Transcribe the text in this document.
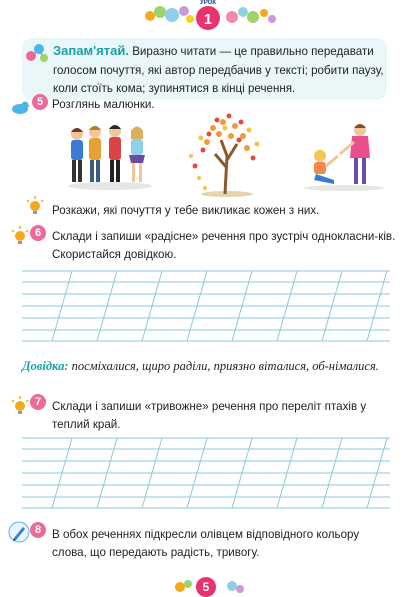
УРОК
1
Запам'ятай. Виразно читати — це правильно передавати голосом почуття, які автор передбачив у тексті; робити паузу, коли стоїть кома; зупинятися в кінці речення.
5 Розглянь малюнки.
Розкажи, які почуття у тебе викликає кожен з них.
6 Склади і запиши «радісне» речення про зустріч однокласни-ків. Скористайся довідкою.
Довідка: посміхалися, щиро раділи, приязно віталися, об-німалися.
7 Склади і запиши «тривожне» речення про переліт птахів у теплий край.
8 В обох реченнях підкресли олівцем відповідного кольору слова, що передають радість, тривогу.
5
